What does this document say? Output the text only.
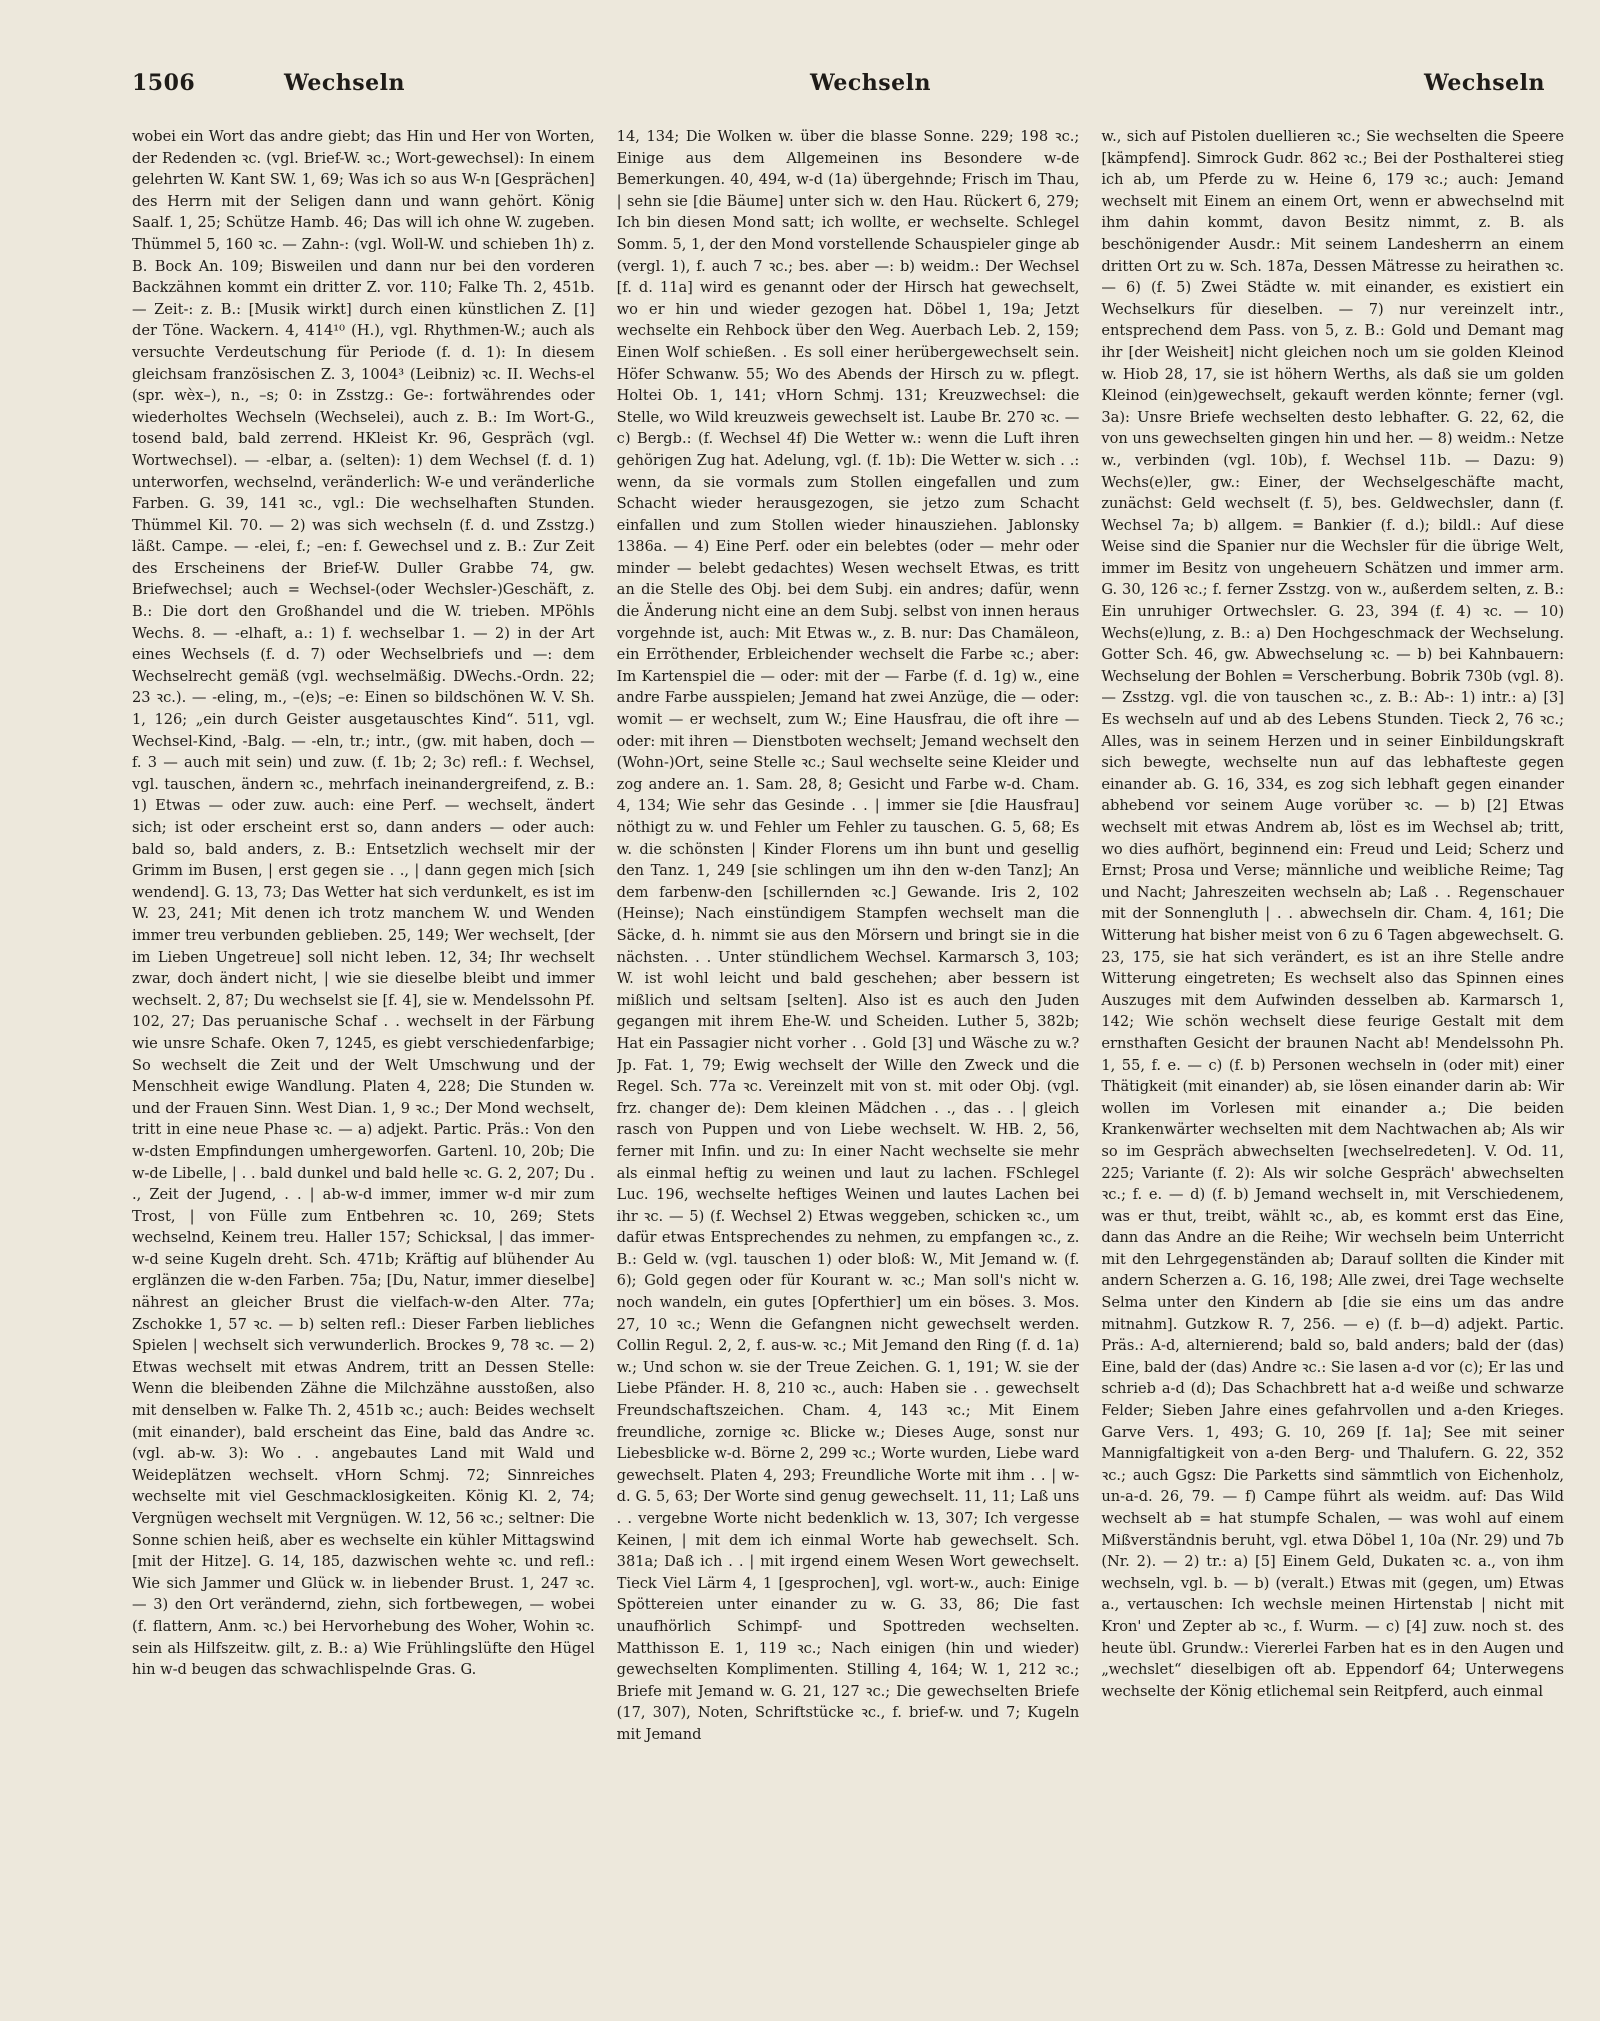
1506	Wechseln	Wechseln	Wechseln

wobei ein Wort das andre giebt; das Hin und Her von Worten, der Redenden ꝛc. (vgl. Brief-W. ꝛc.; Wort-gewechsel): In einem gelehrten W. Kant SW. 1, 69; Was ich so aus W-n [Gesprächen] des Herrn mit der Seligen dann und wann gehört. König Saalf. 1, 25; Schütze Hamb. 46; Das will ich ohne W. zugeben. Thümmel 5, 160 ꝛc. — Zahn-: (vgl. Woll-W. und schieben 1h) z. B. Bock An. 109; Bisweilen und dann nur bei den vorderen Backzähnen kommt ein dritter Z. vor. 110; Falke Th. 2, 451b. — Zeit-: z. B.: [Musik wirkt] durch einen künstlichen Z. [1] der Töne. Wackern. 4, 414¹⁰ (H.), vgl. Rhythmen-W.; auch als versuchte Verdeutschung für Periode (f. d. 1): In diesem gleichsam französischen Z. 3, 1004³ (Leibniz) ꝛc. II. Wechs-el (spr. wèx–), n., –s; 0: in Zsstzg.: Ge-: fortwährendes oder wiederholtes Wechseln (Wechselei), auch z. B.: Im Wort-G., tosend bald, bald zerrend. HKleist Kr. 96, Gespräch (vgl. Wortwechsel). — -elbar, a. (selten): 1) dem Wechsel (f. d. 1) unterworfen, wechselnd, veränderlich: W-e und veränderliche Farben. G. 39, 141 ꝛc., vgl.: Die wechselhaften Stunden. Thümmel Kil. 70. — 2) was sich wechseln (f. d. und Zsstzg.) läßt. Campe. — -elei, f.; –en: f. Gewechsel und z. B.: Zur Zeit des Erscheinens der Brief-W. Duller Grabbe 74, gw. Briefwechsel; auch = Wechsel-(oder Wechsler-)Geschäft, z. B.: Die dort den Großhandel und die W. trieben. MPöhls Wechs. 8. — -elhaft, a.: 1) f. wechselbar 1. — 2) in der Art eines Wechsels (f. d. 7) oder Wechselbriefs und —: dem Wechselrecht gemäß (vgl. wechselmäßig. DWechs.-Ordn. 22; 23 ꝛc.). — -eling, m., –(e)s; –e: Einen so bildschönen W. V. Sh. 1, 126; „ein durch Geister ausgetauschtes Kind“. 511, vgl. Wechsel-Kind, -Balg. — -eln, tr.; intr., (gw. mit haben, doch — f. 3 — auch mit sein) und zuw. (f. 1b; 2; 3c) refl.: f. Wechsel, vgl. tauschen, ändern ꝛc., mehrfach ineinandergreifend, z. B.: 1) Etwas — oder zuw. auch: eine Perf. — wechselt, ändert sich; ist oder erscheint erst so, dann anders — oder auch: bald so, bald anders, z. B.: Entsetzlich wechselt mir der Grimm im Busen, | erst gegen sie . ., | dann gegen mich [sich wendend]. G. 13, 73; Das Wetter hat sich verdunkelt, es ist im W. 23, 241; Mit denen ich trotz manchem W. und Wenden immer treu verbunden geblieben. 25, 149; Wer wechselt, [der im Lieben Ungetreue] soll nicht leben. 12, 34; Ihr wechselt zwar, doch ändert nicht, | wie sie dieselbe bleibt und immer wechselt. 2, 87; Du wechselst sie [f. 4], sie w. Mendelssohn Pf. 102, 27; Das peruanische Schaf . . wechselt in der Färbung wie unsre Schafe. Oken 7, 1245, es giebt verschiedenfarbige; So wechselt die Zeit und der Welt Umschwung und der Menschheit ewige Wandlung. Platen 4, 228; Die Stunden w. und der Frauen Sinn. West Dian. 1, 9 ꝛc.; Der Mond wechselt, tritt in eine neue Phase ꝛc. — a) adjekt. Partic. Präs.: Von den w-dsten Empfindungen umhergeworfen. Gartenl. 10, 20b; Die w-de Libelle, | . . bald dunkel und bald helle ꝛc. G. 2, 207; Du . ., Zeit der Jugend, . . | ab-w-d immer, immer w-d mir zum Trost, | von Fülle zum Entbehren ꝛc. 10, 269; Stets wechselnd, Keinem treu. Haller 157; Schicksal, | das immer-w-d seine Kugeln dreht. Sch. 471b; Kräftig auf blühender Au erglänzen die w-den Farben. 75a; [Du, Natur, immer dieselbe] nährest an gleicher Brust die vielfach-w-den Alter. 77a; Zschokke 1, 57 ꝛc. — b) selten refl.: Dieser Farben liebliches Spielen | wechselt sich verwunderlich. Brockes 9, 78 ꝛc. — 2) Etwas wechselt mit etwas Andrem, tritt an Dessen Stelle: Wenn die bleibenden Zähne die Milchzähne ausstoßen, also mit denselben w. Falke Th. 2, 451b ꝛc.; auch: Beides wechselt (mit einander), bald erscheint das Eine, bald das Andre ꝛc. (vgl. ab-w. 3): Wo . . angebautes Land mit Wald und Weideplätzen wechselt. vHorn Schmj. 72; Sinnreiches wechselte mit viel Geschmacklosigkeiten. König Kl. 2, 74; Vergnügen wechselt mit Vergnügen. W. 12, 56 ꝛc.; seltner: Die Sonne schien heiß, aber es wechselte ein kühler Mittagswind [mit der Hitze]. G. 14, 185, dazwischen wehte ꝛc. und refl.: Wie sich Jammer und Glück w. in liebender Brust. 1, 247 ꝛc. — 3) den Ort verändernd, ziehn, sich fortbewegen, — wobei (f. flattern, Anm. ꝛc.) bei Hervorhebung des Woher, Wohin ꝛc. sein als Hilfszeitw. gilt, z. B.: a) Wie Frühlingslüfte den Hügel hin w-d beugen das schwachlispelnde Gras. G.

14, 134; Die Wolken w. über die blasse Sonne. 229; 198 ꝛc.; Einige aus dem Allgemeinen ins Besondere w-de Bemerkungen. 40, 494, w-d (1a) übergehnde; Frisch im Thau, | sehn sie [die Bäume] unter sich w. den Hau. Rückert 6, 279; Ich bin diesen Mond satt; ich wollte, er wechselte. Schlegel Somm. 5, 1, der den Mond vorstellende Schauspieler ginge ab (vergl. 1), f. auch 7 ꝛc.; bes. aber —: b) weidm.: Der Wechsel [f. d. 11a] wird es genannt oder der Hirsch hat gewechselt, wo er hin und wieder gezogen hat. Döbel 1, 19a; Jetzt wechselte ein Rehbock über den Weg. Auerbach Leb. 2, 159; Einen Wolf schießen. . Es soll einer herübergewechselt sein. Höfer Schwanw. 55; Wo des Abends der Hirsch zu w. pflegt. Holtei Ob. 1, 141; vHorn Schmj. 131; Kreuzwechsel: die Stelle, wo Wild kreuzweis gewechselt ist. Laube Br. 270 ꝛc. — c) Bergb.: (f. Wechsel 4f) Die Wetter w.: wenn die Luft ihren gehörigen Zug hat. Adelung, vgl. (f. 1b): Die Wetter w. sich . .: wenn, da sie vormals zum Stollen eingefallen und zum Schacht wieder herausgezogen, sie jetzo zum Schacht einfallen und zum Stollen wieder hinausziehen. Jablonsky 1386a. — 4) Eine Perf. oder ein belebtes (oder — mehr oder minder — belebt gedachtes) Wesen wechselt Etwas, es tritt an die Stelle des Obj. bei dem Subj. ein andres; dafür, wenn die Änderung nicht eine an dem Subj. selbst von innen heraus vorgehnde ist, auch: Mit Etwas w., z. B. nur: Das Chamäleon, ein Erröthender, Erbleichender wechselt die Farbe ꝛc.; aber: Im Kartenspiel die — oder: mit der — Farbe (f. d. 1g) w., eine andre Farbe ausspielen; Jemand hat zwei Anzüge, die — oder: womit — er wechselt, zum W.; Eine Hausfrau, die oft ihre — oder: mit ihren — Dienstboten wechselt; Jemand wechselt den (Wohn-)Ort, seine Stelle ꝛc.; Saul wechselte seine Kleider und zog andere an. 1. Sam. 28, 8; Gesicht und Farbe w-d. Cham. 4, 134; Wie sehr das Gesinde . . | immer sie [die Hausfrau] nöthigt zu w. und Fehler um Fehler zu tauschen. G. 5, 68; Es w. die schönsten | Kinder Florens um ihn bunt und gesellig den Tanz. 1, 249 [sie schlingen um ihn den w-den Tanz]; An dem farbenw-den [schillernden ꝛc.] Gewande. Iris 2, 102 (Heinse); Nach einstündigem Stampfen wechselt man die Säcke, d. h. nimmt sie aus den Mörsern und bringt sie in die nächsten. . . Unter stündlichem Wechsel. Karmarsch 3, 103; W. ist wohl leicht und bald geschehen; aber bessern ist mißlich und seltsam [selten]. Also ist es auch den Juden gegangen mit ihrem Ehe-W. und Scheiden. Luther 5, 382b; Hat ein Passagier nicht vorher . . Gold [3] und Wäsche zu w.? Jp. Fat. 1, 79; Ewig wechselt der Wille den Zweck und die Regel. Sch. 77a ꝛc. Vereinzelt mit von st. mit oder Obj. (vgl. frz. changer de): Dem kleinen Mädchen . ., das . . | gleich rasch von Puppen und von Liebe wechselt. W. HB. 2, 56, ferner mit Infin. und zu: In einer Nacht wechselte sie mehr als einmal heftig zu weinen und laut zu lachen. FSchlegel Luc. 196, wechselte heftiges Weinen und lautes Lachen bei ihr ꝛc. — 5) (f. Wechsel 2) Etwas weggeben, schicken ꝛc., um dafür etwas Entsprechendes zu nehmen, zu empfangen ꝛc., z. B.: Geld w. (vgl. tauschen 1) oder bloß: W., Mit Jemand w. (f. 6); Gold gegen oder für Kourant w. ꝛc.; Man soll's nicht w. noch wandeln, ein gutes [Opferthier] um ein böses. 3. Mos. 27, 10 ꝛc.; Wenn die Gefangnen nicht gewechselt werden. Collin Regul. 2, 2, f. aus-w. ꝛc.; Mit Jemand den Ring (f. d. 1a) w.; Und schon w. sie der Treue Zeichen. G. 1, 191; W. sie der Liebe Pfänder. H. 8, 210 ꝛc., auch: Haben sie . . gewechselt Freundschaftszeichen. Cham. 4, 143 ꝛc.; Mit Einem freundliche, zornige ꝛc. Blicke w.; Dieses Auge, sonst nur Liebesblicke w-d. Börne 2, 299 ꝛc.; Worte wurden, Liebe ward gewechselt. Platen 4, 293; Freundliche Worte mit ihm . . | w-d. G. 5, 63; Der Worte sind genug gewechselt. 11, 11; Laß uns . . vergebne Worte nicht bedenklich w. 13, 307; Ich vergesse Keinen, | mit dem ich einmal Worte hab gewechselt. Sch. 381a; Daß ich . . | mit irgend einem Wesen Wort gewechselt. Tieck Viel Lärm 4, 1 [gesprochen], vgl. wort-w., auch: Einige Spöttereien unter einander zu w. G. 33, 86; Die fast unaufhörlich Schimpf- und Spottreden wechselten. Matthisson E. 1, 119 ꝛc.; Nach einigen (hin und wieder) gewechselten Komplimenten. Stilling 4, 164; W. 1, 212 ꝛc.; Briefe mit Jemand w. G. 21, 127 ꝛc.; Die gewechselten Briefe (17, 307), Noten, Schriftstücke ꝛc., f. brief-w. und 7; Kugeln mit Jemand

w., sich auf Pistolen duellieren ꝛc.; Sie wechselten die Speere [kämpfend]. Simrock Gudr. 862 ꝛc.; Bei der Posthalterei stieg ich ab, um Pferde zu w. Heine 6, 179 ꝛc.; auch: Jemand wechselt mit Einem an einem Ort, wenn er abwechselnd mit ihm dahin kommt, davon Besitz nimmt, z. B. als beschönigender Ausdr.: Mit seinem Landesherrn an einem dritten Ort zu w. Sch. 187a, Dessen Mätresse zu heirathen ꝛc. — 6) (f. 5) Zwei Städte w. mit einander, es existiert ein Wechselkurs für dieselben. — 7) nur vereinzelt intr., entsprechend dem Pass. von 5, z. B.: Gold und Demant mag ihr [der Weisheit] nicht gleichen noch um sie golden Kleinod w. Hiob 28, 17, sie ist höhern Werths, als daß sie um golden Kleinod (ein)gewechselt, gekauft werden könnte; ferner (vgl. 3a): Unsre Briefe wechselten desto lebhafter. G. 22, 62, die von uns gewechselten gingen hin und her. — 8) weidm.: Netze w., verbinden (vgl. 10b), f. Wechsel 11b. — Dazu: 9) Wechs(e)ler, gw.: Einer, der Wechselgeschäfte macht, zunächst: Geld wechselt (f. 5), bes. Geldwechsler, dann (f. Wechsel 7a; b) allgem. = Bankier (f. d.); bildl.: Auf diese Weise sind die Spanier nur die Wechsler für die übrige Welt, immer im Besitz von ungeheuern Schätzen und immer arm. G. 30, 126 ꝛc.; f. ferner Zsstzg. von w., außerdem selten, z. B.: Ein unruhiger Ortwechsler. G. 23, 394 (f. 4) ꝛc. — 10) Wechs(e)lung, z. B.: a) Den Hochgeschmack der Wechselung. Gotter Sch. 46, gw. Abwechselung ꝛc. — b) bei Kahnbauern: Wechselung der Bohlen = Verscherbung. Bobrik 730b (vgl. 8). — Zsstzg. vgl. die von tauschen ꝛc., z. B.: Ab-: 1) intr.: a) [3] Es wechseln auf und ab des Lebens Stunden. Tieck 2, 76 ꝛc.; Alles, was in seinem Herzen und in seiner Einbildungskraft sich bewegte, wechselte nun auf das lebhafteste gegen einander ab. G. 16, 334, es zog sich lebhaft gegen einander abhebend vor seinem Auge vorüber ꝛc. — b) [2] Etwas wechselt mit etwas Andrem ab, löst es im Wechsel ab; tritt, wo dies aufhört, beginnend ein: Freud und Leid; Scherz und Ernst; Prosa und Verse; männliche und weibliche Reime; Tag und Nacht; Jahreszeiten wechseln ab; Laß . . Regenschauer mit der Sonnengluth | . . abwechseln dir. Cham. 4, 161; Die Witterung hat bisher meist von 6 zu 6 Tagen abgewechselt. G. 23, 175, sie hat sich verändert, es ist an ihre Stelle andre Witterung eingetreten; Es wechselt also das Spinnen eines Auszuges mit dem Aufwinden desselben ab. Karmarsch 1, 142; Wie schön wechselt diese feurige Gestalt mit dem ernsthaften Gesicht der braunen Nacht ab! Mendelssohn Ph. 1, 55, f. e. — c) (f. b) Personen wechseln in (oder mit) einer Thätigkeit (mit einander) ab, sie lösen einander darin ab: Wir wollen im Vorlesen mit einander a.; Die beiden Krankenwärter wechselten mit dem Nachtwachen ab; Als wir so im Gespräch abwechselten [wechselredeten]. V. Od. 11, 225; Variante (f. 2): Als wir solche Gespräch' abwechselten ꝛc.; f. e. — d) (f. b) Jemand wechselt in, mit Verschiedenem, was er thut, treibt, wählt ꝛc., ab, es kommt erst das Eine, dann das Andre an die Reihe; Wir wechseln beim Unterricht mit den Lehrgegenständen ab; Darauf sollten die Kinder mit andern Scherzen a. G. 16, 198; Alle zwei, drei Tage wechselte Selma unter den Kindern ab [die sie eins um das andre mitnahm]. Gutzkow R. 7, 256. — e) (f. b—d) adjekt. Partic. Präs.: A-d, alternierend; bald so, bald anders; bald der (das) Eine, bald der (das) Andre ꝛc.: Sie lasen a-d vor (c); Er las und schrieb a-d (d); Das Schachbrett hat a-d weiße und schwarze Felder; Sieben Jahre eines gefahrvollen und a-den Krieges. Garve Vers. 1, 493; G. 10, 269 [f. 1a]; See mit seiner Mannigfaltigkeit von a-den Berg- und Thalufern. G. 22, 352 ꝛc.; auch Ggsz: Die Parketts sind sämmtlich von Eichenholz, un-a-d. 26, 79. — f) Campe führt als weidm. auf: Das Wild wechselt ab = hat stumpfe Schalen, — was wohl auf einem Mißverständnis beruht, vgl. etwa Döbel 1, 10a (Nr. 29) und 7b (Nr. 2). — 2) tr.: a) [5] Einem Geld, Dukaten ꝛc. a., von ihm wechseln, vgl. b. — b) (veralt.) Etwas mit (gegen, um) Etwas a., vertauschen: Ich wechsle meinen Hirtenstab | nicht mit Kron' und Zepter ab ꝛc., f. Wurm. — c) [4] zuw. noch st. des heute übl. Grundw.: Viererlei Farben hat es in den Augen und „wechslet“ dieselbigen oft ab. Eppendorf 64; Unterwegens wechselte der König etlichemal sein Reitpferd, auch einmal
